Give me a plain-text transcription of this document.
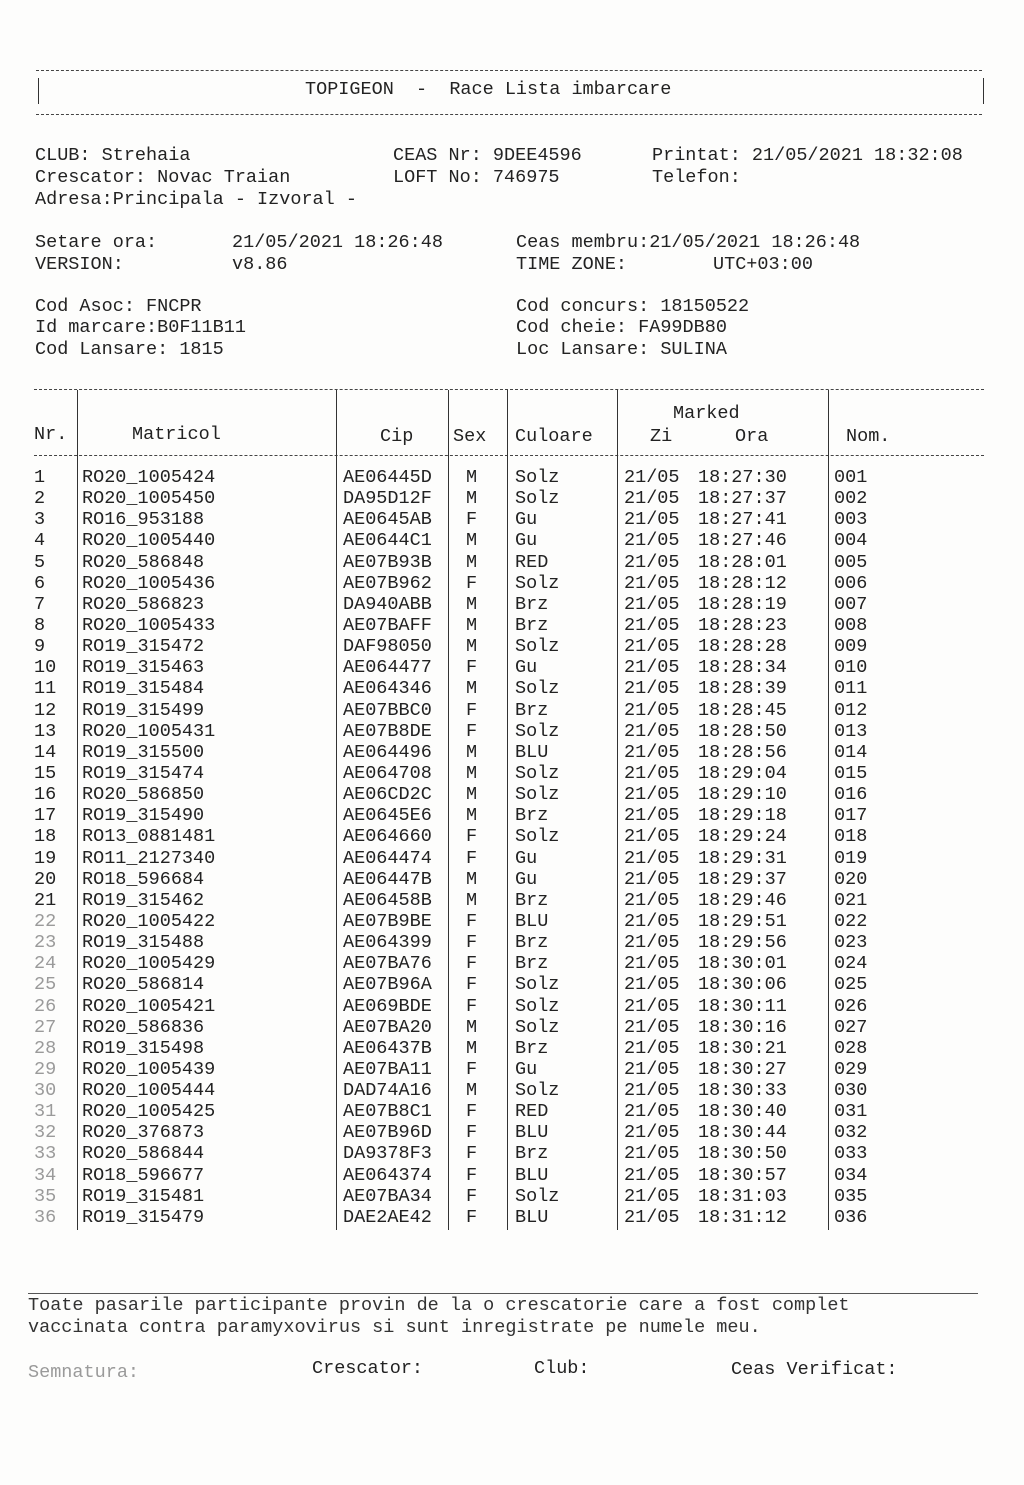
TOPIGEON  -  Race Lista imbarcare
CLUB: Strehaia
Crescator: Novac Traian
Adresa:Principala - Izvoral -
CEAS Nr: 9DEE4596
LOFT No: 746975
Printat: 21/05/2021 18:32:08
Telefon:
Setare ora:	21/05/2021 18:26:48
VERSION:	v8.86
Ceas membru:21/05/2021 18:26:48
TIME ZONE:	UTC+03:00
Cod Asoc: FNCPR
Id marcare:B0F11B11
Cod Lansare: 1815
Cod concurs: 18150522
Cod cheie: FA99DB80
Loc Lansare: SULINA
Nr.	Matricol	Cip Sex Culoare
Marked
Zi	Ora	Nom.
1 RO20_1005424	AE06445D M Solz	21/05 18:27:30	001
2 RO20_1005450	DA95D12F M Solz	21/05 18:27:37	002
3 RO16_953188	AE0645AB F Gu	21/05 18:27:41	003
4 RO20_1005440	AE0644C1 M Gu	21/05 18:27:46	004
5 RO20_586848	AE07B93B M RED	21/05 18:28:01	005
6 RO20_1005436	AE07B962 F Solz	21/05 18:28:12	006
7 RO20_586823	DA940ABB M Brz	21/05 18:28:19	007
8 RO20_1005433	AE07BAFF M Brz	21/05 18:28:23	008
9 RO19_315472	DAF98050 M Solz	21/05 18:28:28	009
10 RO19_315463	AE064477 F Gu	21/05 18:28:34	010
11 RO19_315484	AE064346 M Solz	21/05 18:28:39	011
12 RO19_315499	AE07BBC0 F Brz	21/05 18:28:45	012
13 RO20_1005431	AE07B8DE F Solz	21/05 18:28:50	013
14 RO19_315500	AE064496 M BLU	21/05 18:28:56	014
15 RO19_315474	AE064708 M Solz	21/05 18:29:04	015
16 RO20_586850	AE06CD2C M Solz	21/05 18:29:10	016
17 RO19_315490	AE0645E6 M Brz	21/05 18:29:18	017
18 RO13_0881481	AE064660 F Solz	21/05 18:29:24	018
19 RO11_2127340	AE064474 F Gu	21/05 18:29:31	019
20 RO18_596684	AE06447B M Gu	21/05 18:29:37	020
21 RO19_315462	AE06458B M Brz	21/05 18:29:46	021
22 RO20_1005422	AE07B9BE F BLU	21/05 18:29:51	022
23 RO19_315488	AE064399 F Brz	21/05 18:29:56	023
24 RO20_1005429	AE07BA76 F Brz	21/05 18:30:01	024
25 RO20_586814	AE07B96A F Solz	21/05 18:30:06	025
26 RO20_1005421	AE069BDE F Solz	21/05 18:30:11	026
27 RO20_586836	AE07BA20 M Solz	21/05 18:30:16	027
28 RO19_315498	AE06437B M Brz	21/05 18:30:21	028
29 RO20_1005439	AE07BA11 F Gu	21/05 18:30:27	029
30 RO20_1005444	DAD74A16 M Solz	21/05 18:30:33	030
31 RO20_1005425	AE07B8C1 F RED	21/05 18:30:40	031
32 RO20_376873	AE07B96D F BLU	21/05 18:30:44	032
33 RO20_586844	DA9378F3 F Brz	21/05 18:30:50	033
34 RO18_596677	AE064374 F BLU	21/05 18:30:57	034
35 RO19_315481	AE07BA34 F Solz	21/05 18:31:03	035
36 RO19_315479	DAE2AE42 F BLU	21/05 18:31:12	036
Toate pasarile participante provin de la o crescatorie care a fost complet
vaccinata contra paramyxovirus si sunt inregistrate pe numele meu.
Semnatura:	Crescator:	Club:	Ceas Verificat:
